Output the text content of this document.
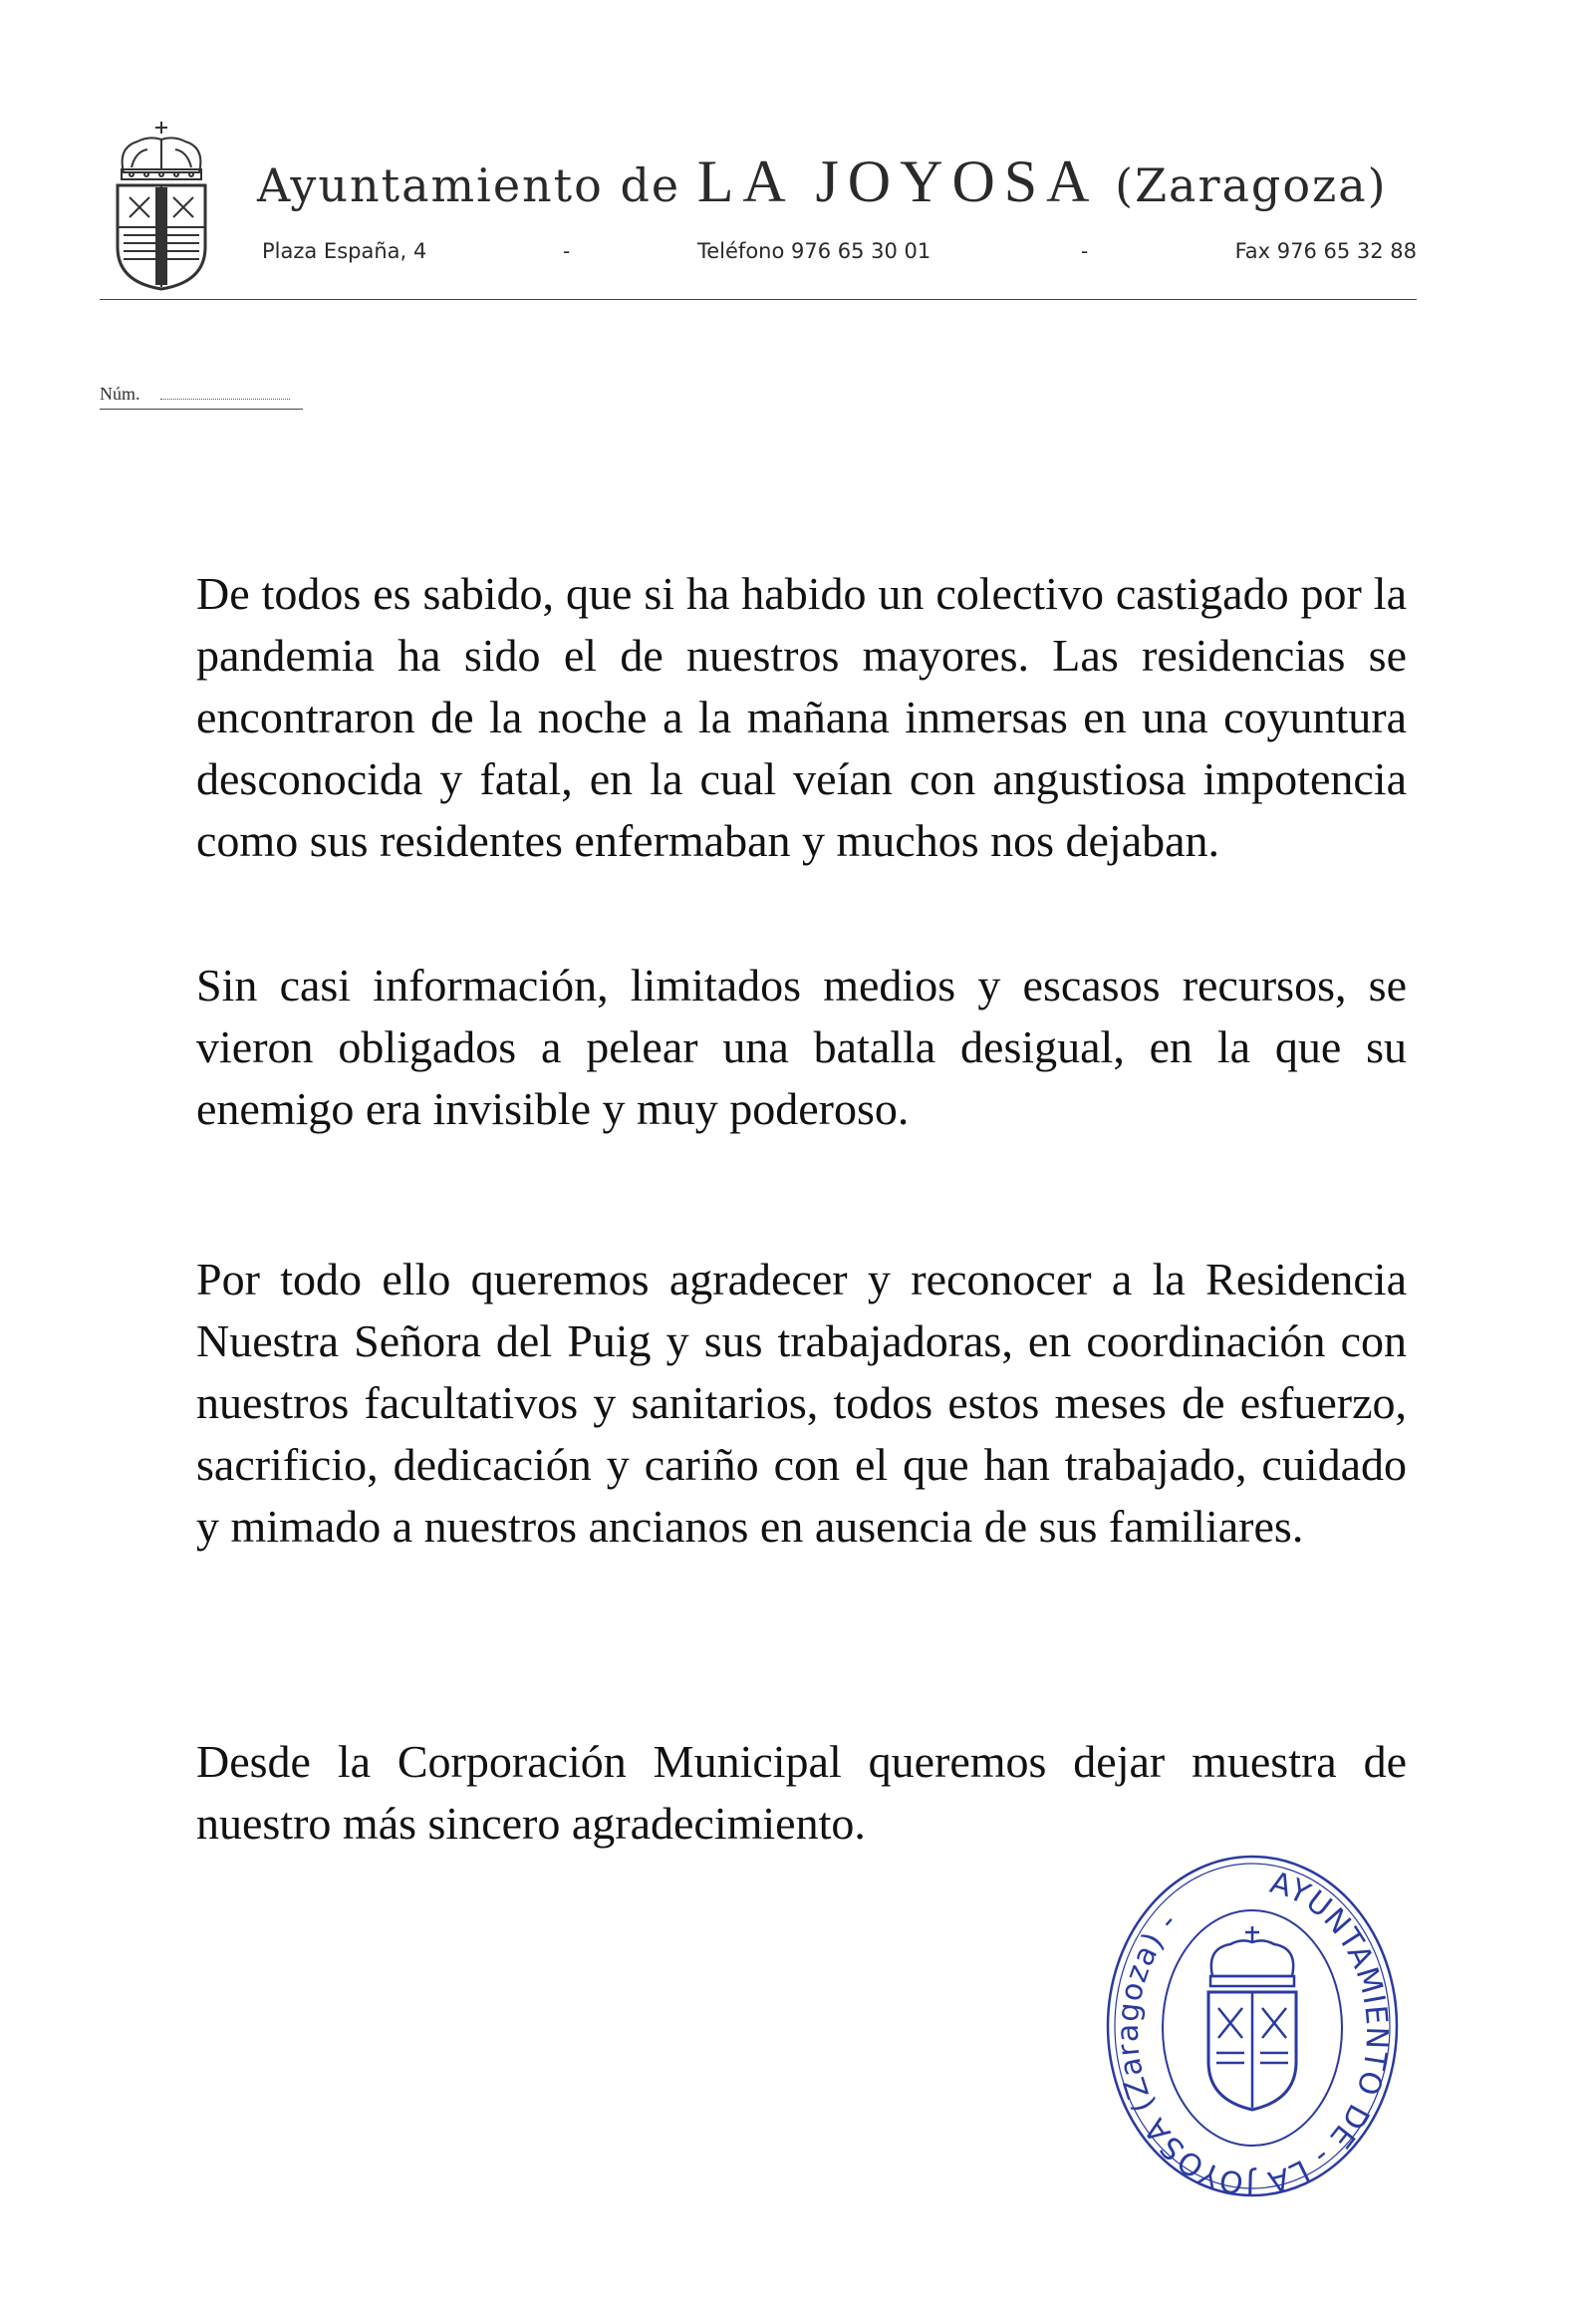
Ayuntamiento de LA JOYOSA (Zaragoza)
Plaza España, 4	-	Teléfono 976 65 30 01	-	Fax 976 65 32 88
Núm.

De todos es sabido, que si ha habido un colectivo castigado por la pandemia ha sido el de nuestros mayores. Las residencias se encontraron de la noche a la mañana inmersas en una coyuntura desconocida y fatal, en la cual veían con angustiosa impotencia como sus residentes enfermaban y muchos nos dejaban.

Sin casi información, limitados medios y escasos recursos, se vieron obligados a pelear una batalla desigual, en la que su enemigo era invisible y muy poderoso.

Por todo ello queremos agradecer y reconocer a la Residencia Nuestra Señora del Puig y sus trabajadoras, en coordinación con nuestros facultativos y sanitarios, todos estos meses de esfuerzo, sacrificio, dedicación y cariño con el que han trabajado, cuidado y mimado a nuestros ancianos en ausencia de sus familiares.

Desde la Corporación Municipal queremos dejar muestra de nuestro más sincero agradecimiento.

AYUNTAMIENTO DE - LA JOYOSA (Zaragoza) -
